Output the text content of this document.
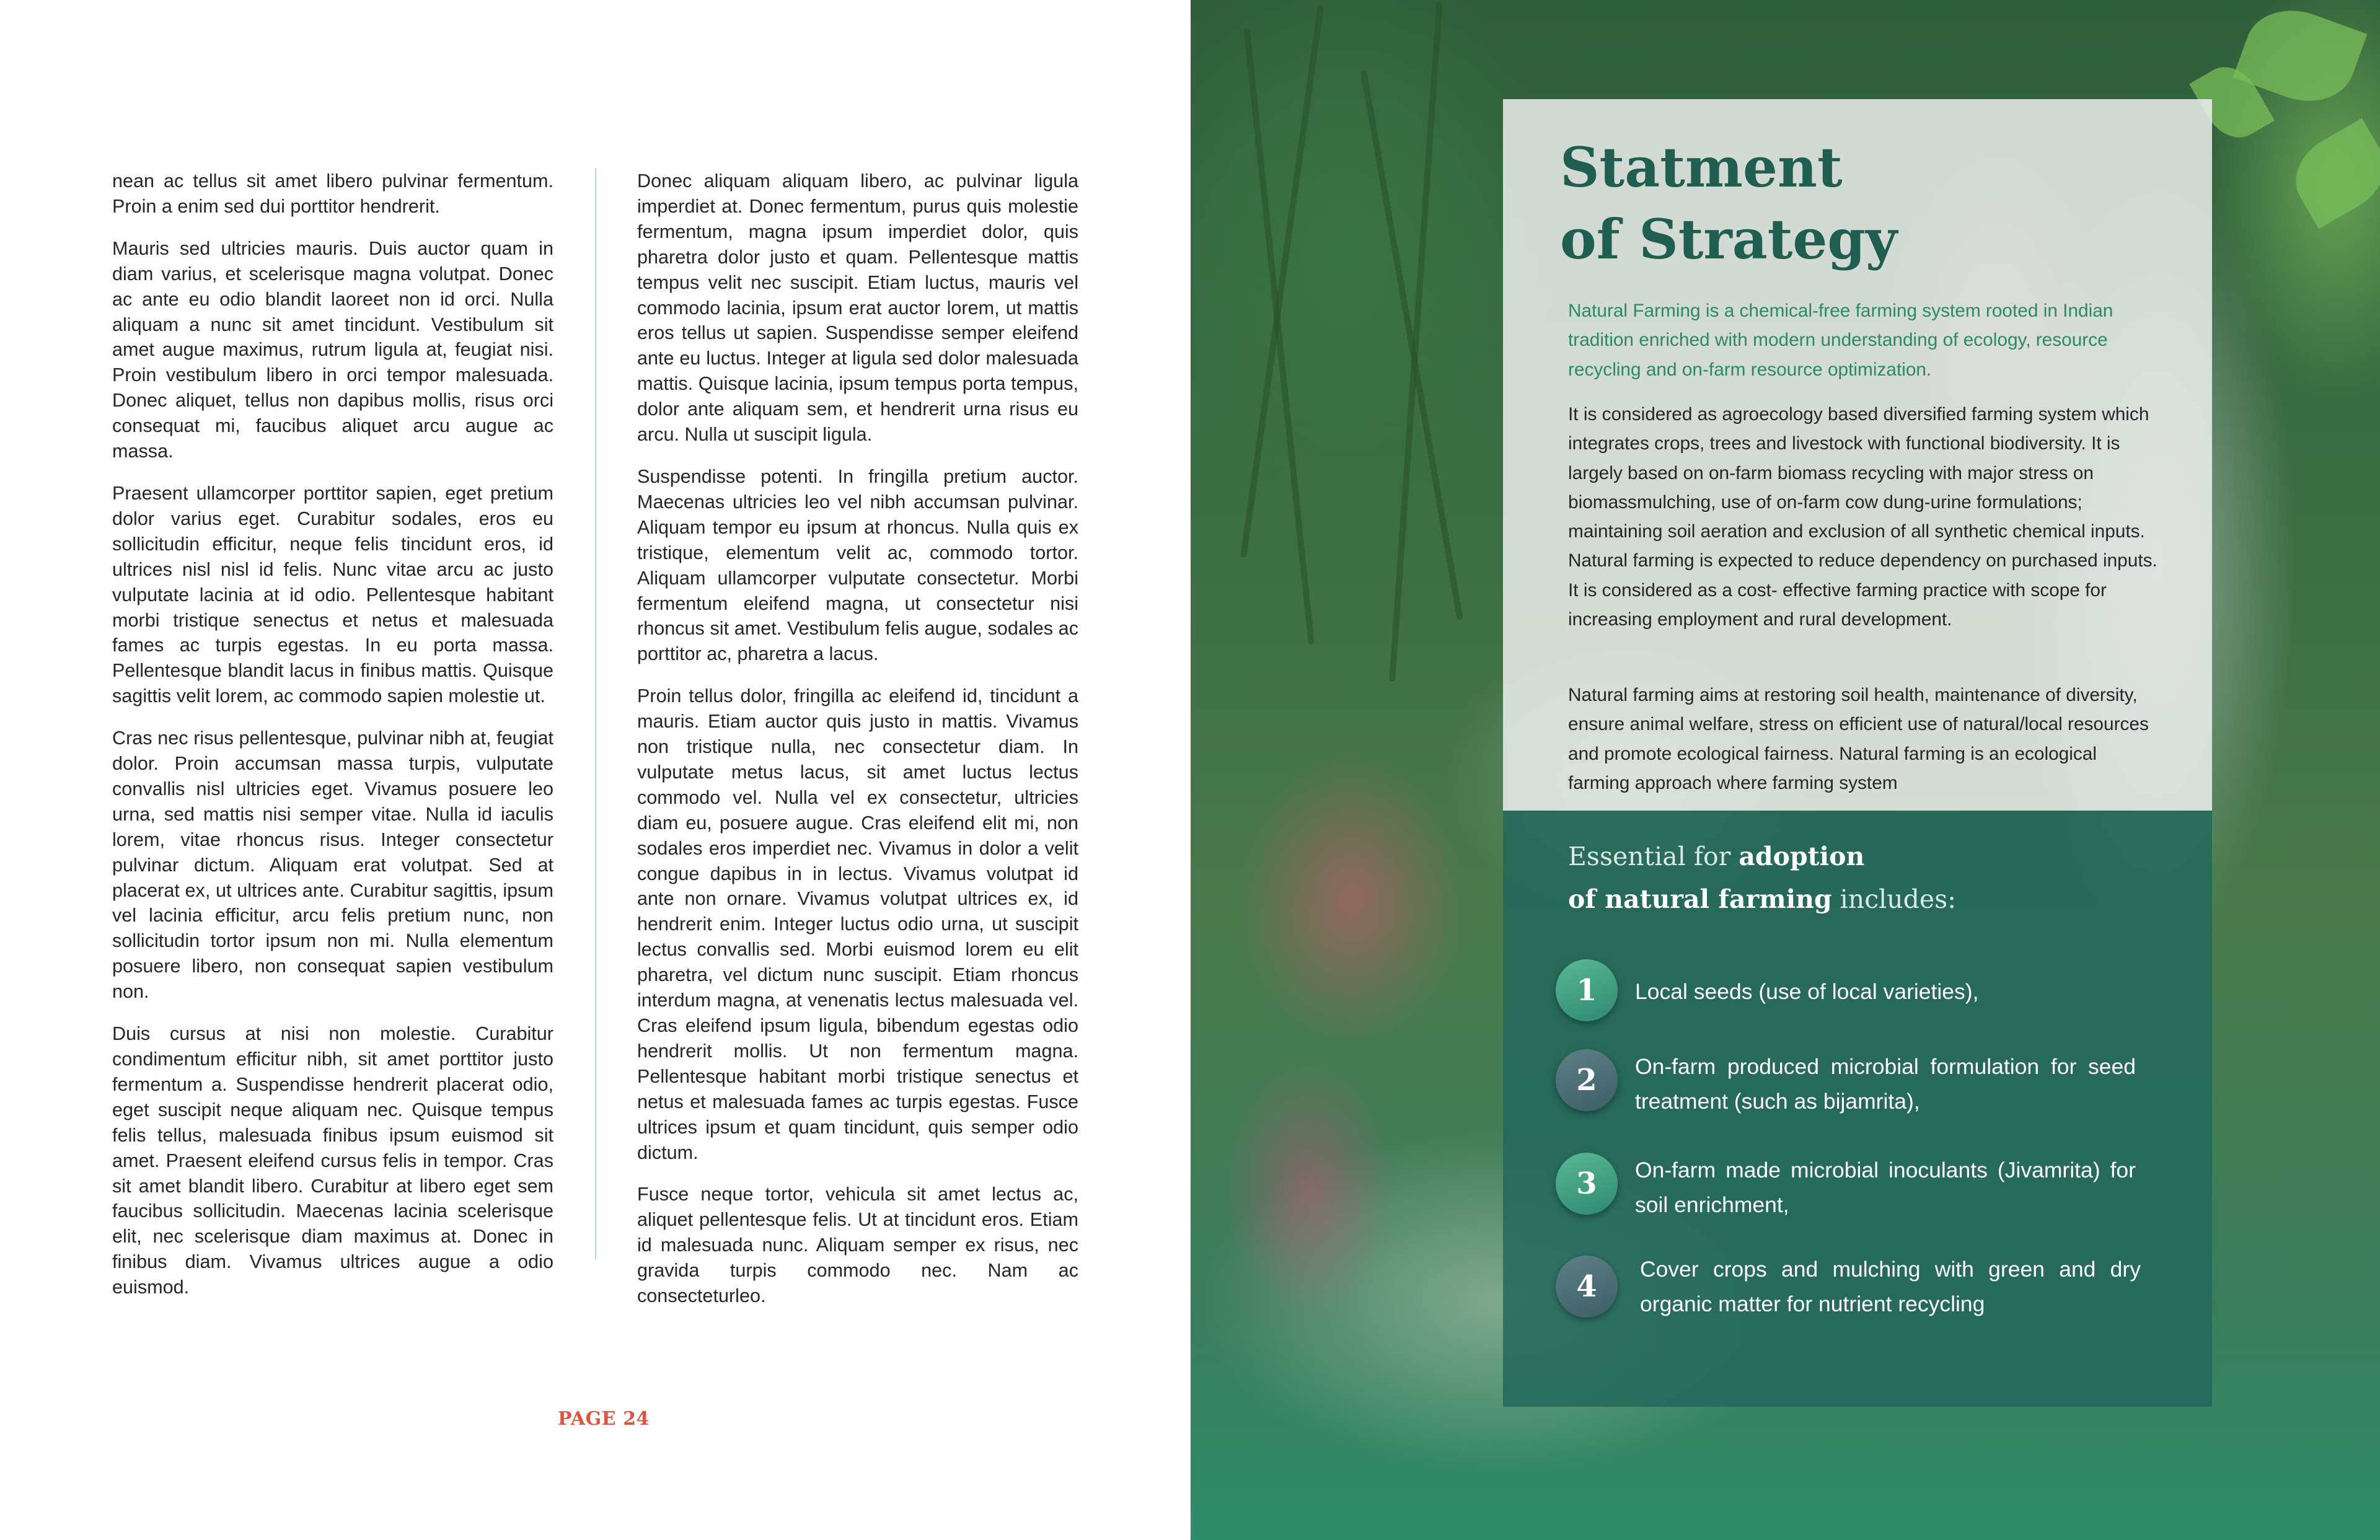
nean ac tellus sit amet libero pulvinar fermentum. Proin a enim sed dui porttitor hendrerit.

Mauris sed ultricies mauris. Duis auctor quam in diam varius, et scelerisque magna volutpat. Donec ac ante eu odio blandit laoreet non id orci. Nulla aliquam a nunc sit amet tincidunt. Vestibulum sit amet augue maximus, rutrum ligula at, feugiat nisi. Proin vestibulum libero in orci tempor malesuada. Donec aliquet, tellus non dapibus mollis, risus orci consequat mi, faucibus aliquet arcu augue ac massa.

Praesent ullamcorper porttitor sapien, eget pretium dolor varius eget. Curabitur sodales, eros eu sollicitudin efficitur, neque felis tincidunt eros, id ultrices nisl nisl id felis. Nunc vitae arcu ac justo vulputate lacinia at id odio. Pellentesque habitant morbi tristique senectus et netus et malesuada fames ac turpis egestas. In eu porta massa. Pellentesque blandit lacus in finibus mattis. Quisque sagittis velit lorem, ac commodo sapien molestie ut.

Cras nec risus pellentesque, pulvinar nibh at, feugiat dolor. Proin accumsan massa turpis, vulputate convallis nisl ultricies eget. Vivamus posuere leo urna, sed mattis nisi semper vitae. Nulla id iaculis lorem, vitae rhoncus risus. Integer consectetur pulvinar dictum. Aliquam erat volutpat. Sed at placerat ex, ut ultrices ante. Curabitur sagittis, ipsum vel lacinia efficitur, arcu felis pretium nunc, non sollicitudin tortor ipsum non mi. Nulla elementum posuere libero, non consequat sapien vestibulum non.

Duis cursus at nisi non molestie. Curabitur condimentum efficitur nibh, sit amet porttitor justo fermentum a. Suspendisse hendrerit placerat odio, eget suscipit neque aliquam nec. Quisque tempus felis tellus, malesuada finibus ipsum euismod sit amet. Praesent eleifend cursus felis in tempor. Cras sit amet blandit libero. Curabitur at libero eget sem faucibus sollicitudin. Maecenas lacinia scelerisque elit, nec scelerisque diam maximus at. Donec in finibus diam. Vivamus ultrices augue a odio euismod.

Donec aliquam aliquam libero, ac pulvinar ligula imperdiet at. Donec fermentum, purus quis molestie fermentum, magna ipsum imperdiet dolor, quis pharetra dolor justo et quam. Pellentesque mattis tempus velit nec suscipit. Etiam luctus, mauris vel commodo lacinia, ipsum erat auctor lorem, ut mattis eros tellus ut sapien. Suspendisse semper eleifend ante eu luctus. Integer at ligula sed dolor malesuada mattis. Quisque lacinia, ipsum tempus porta tempus, dolor ante aliquam sem, et hendrerit urna risus eu arcu. Nulla ut suscipit ligula.

Suspendisse potenti. In fringilla pretium auctor. Maecenas ultricies leo vel nibh accumsan pulvinar. Aliquam tempor eu ipsum at rhoncus. Nulla quis ex tristique, elementum velit ac, commodo tortor. Aliquam ullamcorper vulputate consectetur. Morbi fermentum eleifend magna, ut consectetur nisi rhoncus sit amet. Vestibulum felis augue, sodales ac porttitor ac, pharetra a lacus.

Proin tellus dolor, fringilla ac eleifend id, tincidunt a mauris. Etiam auctor quis justo in mattis. Vivamus non tristique nulla, nec consectetur diam. In vulputate metus lacus, sit amet luctus lectus commodo vel. Nulla vel ex consectetur, ultricies diam eu, posuere augue. Cras eleifend elit mi, non sodales eros imperdiet nec. Vivamus in dolor a velit congue dapibus in in lectus. Vivamus volutpat id ante non ornare. Vivamus volutpat ultrices ex, id hendrerit enim. Integer luctus odio urna, ut suscipit lectus convallis sed. Morbi euismod lorem eu elit pharetra, vel dictum nunc suscipit. Etiam rhoncus interdum magna, at venenatis lectus malesuada vel. Cras eleifend ipsum ligula, bibendum egestas odio hendrerit mollis. Ut non fermentum magna. Pellentesque habitant morbi tristique senectus et netus et malesuada fames ac turpis egestas. Fusce ultrices ipsum et quam tincidunt, quis semper odio dictum.

Fusce neque tortor, vehicula sit amet lectus ac, aliquet pellentesque felis. Ut at tincidunt eros. Etiam id malesuada nunc. Aliquam semper ex risus, nec gravida turpis commodo nec. Nam ac consecteturleo.

PAGE 24
Statment
of Strategy

Natural Farming is a chemical-free farming system rooted in Indian tradition enriched with modern understanding of ecology, resource recycling and on-farm resource optimization.

It is considered as agroecology based diversified farming system which integrates crops, trees and livestock with functional biodiversity. It is largely based on on-farm biomass recycling with major stress on biomassmulching, use of on-farm cow dung-urine formulations; maintaining soil aeration and exclusion of all synthetic chemical inputs. Natural farming is expected to reduce dependency on purchased inputs. It is considered as a cost- effective farming practice with scope for increasing employment and rural development.

Natural farming aims at restoring soil health, maintenance of diversity, ensure animal welfare, stress on efficient use of natural/local resources and promote ecological fairness. Natural farming is an ecological farming approach where farming system

Essential for adoption
of natural farming includes:
1	Local seeds (use of local varieties),
2	On-farm produced microbial formulation for seed treatment (such as bijamrita),
3	On-farm made microbial inoculants (Jivamrita) for soil enrichment,
4	Cover crops and mulching with green and dry organic matter for nutrient recycling
